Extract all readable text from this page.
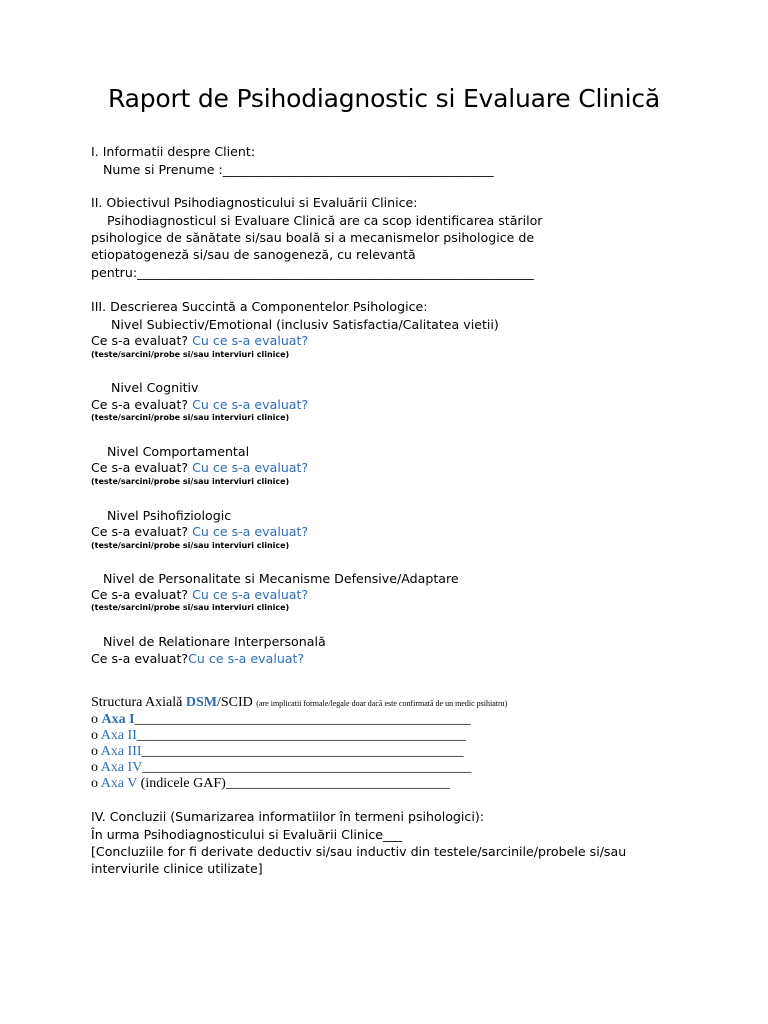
Raport de Psihodiagnostic si Evaluare Clinică
I. Informatii despre Client:
Nume si Prenume :___________________________________________
II. Obiectivul Psihodiagnosticului si Evaluării Clinice:
Psihodiagnosticul si Evaluare Clinică are ca scop identificarea stărilor
psihologice de sănătate si/sau boală si a mecanismelor psihologice de
etiopatogeneză si/sau de sanogeneză, cu relevantă
pentru:_______________________________________________________________
III. Descrierea Succintă a Componentelor Psihologice:
Nivel Subiectiv/Emotional (inclusiv Satisfactia/Calitatea vietii)
Ce s-a evaluat? Cu ce s-a evaluat?
(teste/sarcini/probe si/sau interviuri clinice)
Nivel Cognitiv
Ce s-a evaluat? Cu ce s-a evaluat?
(teste/sarcini/probe si/sau interviuri clinice)
Nivel Comportamental
Ce s-a evaluat? Cu ce s-a evaluat?
(teste/sarcini/probe si/sau interviuri clinice)
Nivel Psihofiziologic
Ce s-a evaluat? Cu ce s-a evaluat?
(teste/sarcini/probe si/sau interviuri clinice)
Nivel de Personalitate si Mecanisme Defensive/Adaptare
Ce s-a evaluat? Cu ce s-a evaluat?
(teste/sarcini/probe si/sau interviuri clinice)
Nivel de Relationare Interpersonală
Ce s-a evaluat?Cu ce s-a evaluat?
Structura Axială DSM/SCID (are implicatii formale/legale doar dacă este confirmată de un medic psihiatru)
o Axa I________________________________________________
o Axa II_______________________________________________
o Axa III______________________________________________
o Axa IV_______________________________________________
o Axa V (indicele GAF)________________________________
IV. Concluzii (Sumarizarea informatiilor în termeni psihologici):
În urma Psihodiagnosticului si Evaluării Clinice___
[Concluziile for fi derivate deductiv si/sau inductiv din testele/sarcinile/probele si/sau
interviurile clinice utilizate]
